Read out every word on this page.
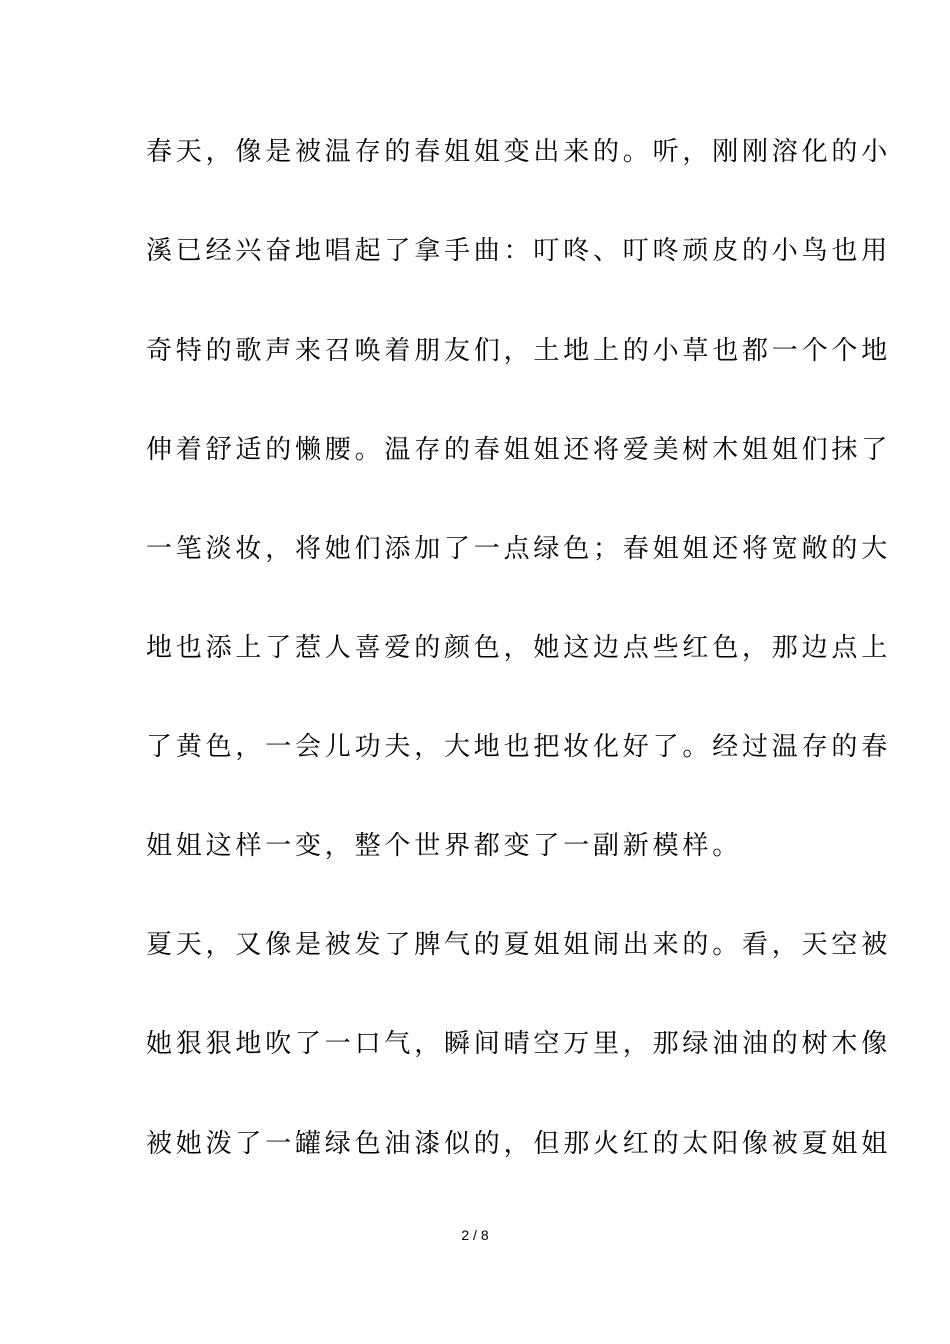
春天，像是被温存的春姐姐变出来的。听，刚刚溶化的小
溪已经兴奋地唱起了拿手曲：叮咚、叮咚顽皮的小鸟也用
奇特的歌声来召唤着朋友们，土地上的小草也都一个个地
伸着舒适的懒腰。温存的春姐姐还将爱美树木姐姐们抹了
一笔淡妆，将她们添加了一点绿色；春姐姐还将宽敞的大
地也添上了惹人喜爱的颜色，她这边点些红色，那边点上
了黄色，一会儿功夫，大地也把妆化好了。经过温存的春
姐姐这样一变，整个世界都变了一副新模样。
夏天，又像是被发了脾气的夏姐姐闹出来的。看，天空被
她狠狠地吹了一口气，瞬间晴空万里，那绿油油的树木像
被她泼了一罐绿色油漆似的，但那火红的太阳像被夏姐姐
2 / 8
